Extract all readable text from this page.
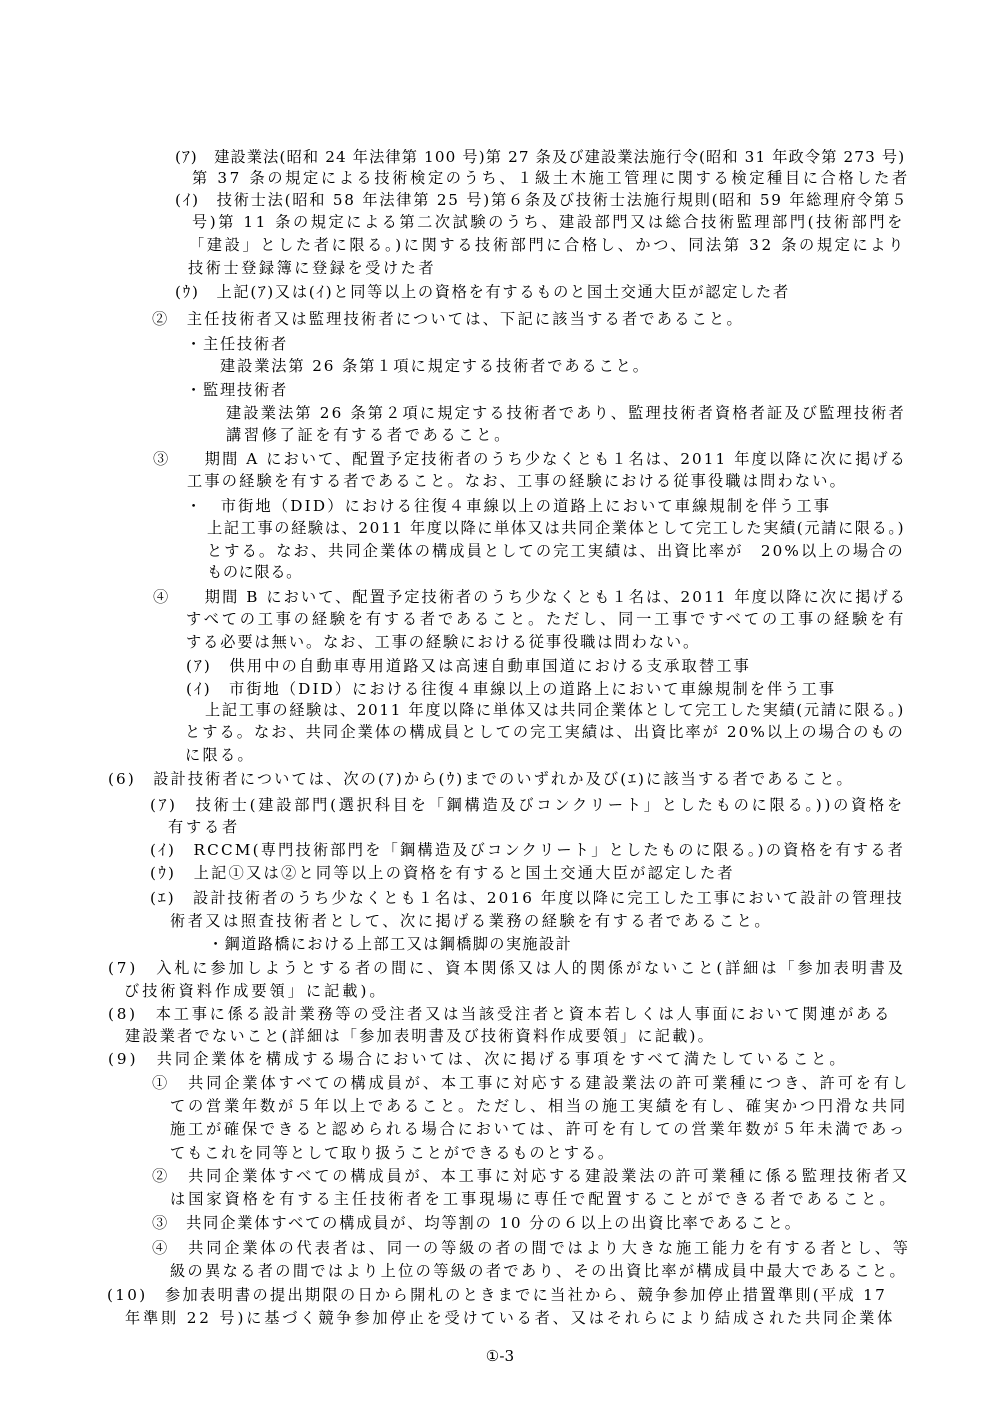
(ｱ)　建設業法(昭和 24 年法律第 100 号)第 27 条及び建設業法施行令(昭和 31 年政令第 273 号)
第 37 条の規定による技術検定のうち、１級土木施工管理に関する検定種目に合格した者
(ｲ)　技術士法(昭和 58 年法律第 25 号)第６条及び技術士法施行規則(昭和 59 年総理府令第５
号)第 11 条の規定による第二次試験のうち、建設部門又は総合技術監理部門(技術部門を
「建設」とした者に限る。)に関する技術部門に合格し、かつ、同法第 32 条の規定により
技術士登録簿に登録を受けた者
(ｳ)　上記(ｱ)又は(ｲ)と同等以上の資格を有するものと国土交通大臣が認定した者
②　主任技術者又は監理技術者については、下記に該当する者であること。
・主任技術者
建設業法第 26 条第１項に規定する技術者であること。
・監理技術者
建設業法第 26 条第２項に規定する技術者であり、監理技術者資格者証及び監理技術者
講習修了証を有する者であること。
③　　期間 A において、配置予定技術者のうち少なくとも１名は、2011 年度以降に次に掲げる
工事の経験を有する者であること。なお、工事の経験における従事役職は問わない。
・　市街地（DID）における往復４車線以上の道路上において車線規制を伴う工事
上記工事の経験は、2011 年度以降に単体又は共同企業体として完工した実績(元請に限る。)
とする。なお、共同企業体の構成員としての完工実績は、出資比率が　20%以上の場合の
ものに限る。
④　　期間 B において、配置予定技術者のうち少なくとも１名は、2011 年度以降に次に掲げる
すべての工事の経験を有する者であること。ただし、同一工事ですべての工事の経験を有
する必要は無い。なお、工事の経験における従事役職は問わない。
(ｱ)　供用中の自動車専用道路又は高速自動車国道における支承取替工事
(ｲ)　市街地（DID）における往復４車線以上の道路上において車線規制を伴う工事
上記工事の経験は、2011 年度以降に単体又は共同企業体として完工した実績(元請に限る。)
とする。なお、共同企業体の構成員としての完工実績は、出資比率が 20%以上の場合のもの
に限る。
(6)　設計技術者については、次の(ｱ)から(ｳ)までのいずれか及び(ｴ)に該当する者であること。
(ｱ)　技術士(建設部門(選択科目を「鋼構造及びコンクリート」としたものに限る。))の資格を
有する者
(ｲ)　RCCM(専門技術部門を「鋼構造及びコンクリート」としたものに限る。)の資格を有する者
(ｳ)　上記①又は②と同等以上の資格を有すると国土交通大臣が認定した者
(ｴ)　設計技術者のうち少なくとも１名は、2016 年度以降に完工した工事において設計の管理技
術者又は照査技術者として、次に掲げる業務の経験を有する者であること。
・鋼道路橋における上部工又は鋼橋脚の実施設計
(7)　入札に参加しようとする者の間に、資本関係又は人的関係がないこと(詳細は「参加表明書及
び技術資料作成要領」に記載)。
(8)　本工事に係る設計業務等の受注者又は当該受注者と資本若しくは人事面において関連がある
建設業者でないこと(詳細は「参加表明書及び技術資料作成要領」に記載)。
(9)　共同企業体を構成する場合においては、次に掲げる事項をすべて満たしていること。
①　共同企業体すべての構成員が、本工事に対応する建設業法の許可業種につき、許可を有し
ての営業年数が５年以上であること。ただし、相当の施工実績を有し、確実かつ円滑な共同
施工が確保できると認められる場合においては、許可を有しての営業年数が５年未満であっ
てもこれを同等として取り扱うことができるものとする。
②　共同企業体すべての構成員が、本工事に対応する建設業法の許可業種に係る監理技術者又
は国家資格を有する主任技術者を工事現場に専任で配置することができる者であること。
③　共同企業体すべての構成員が、均等割の 10 分の６以上の出資比率であること。
④　共同企業体の代表者は、同一の等級の者の間ではより大きな施工能力を有する者とし、等
級の異なる者の間ではより上位の等級の者であり、その出資比率が構成員中最大であること。
(10)　参加表明書の提出期限の日から開札のときまでに当社から、競争参加停止措置準則(平成 17
年準則 22 号)に基づく競争参加停止を受けている者、又はそれらにより結成された共同企業体
①-3
